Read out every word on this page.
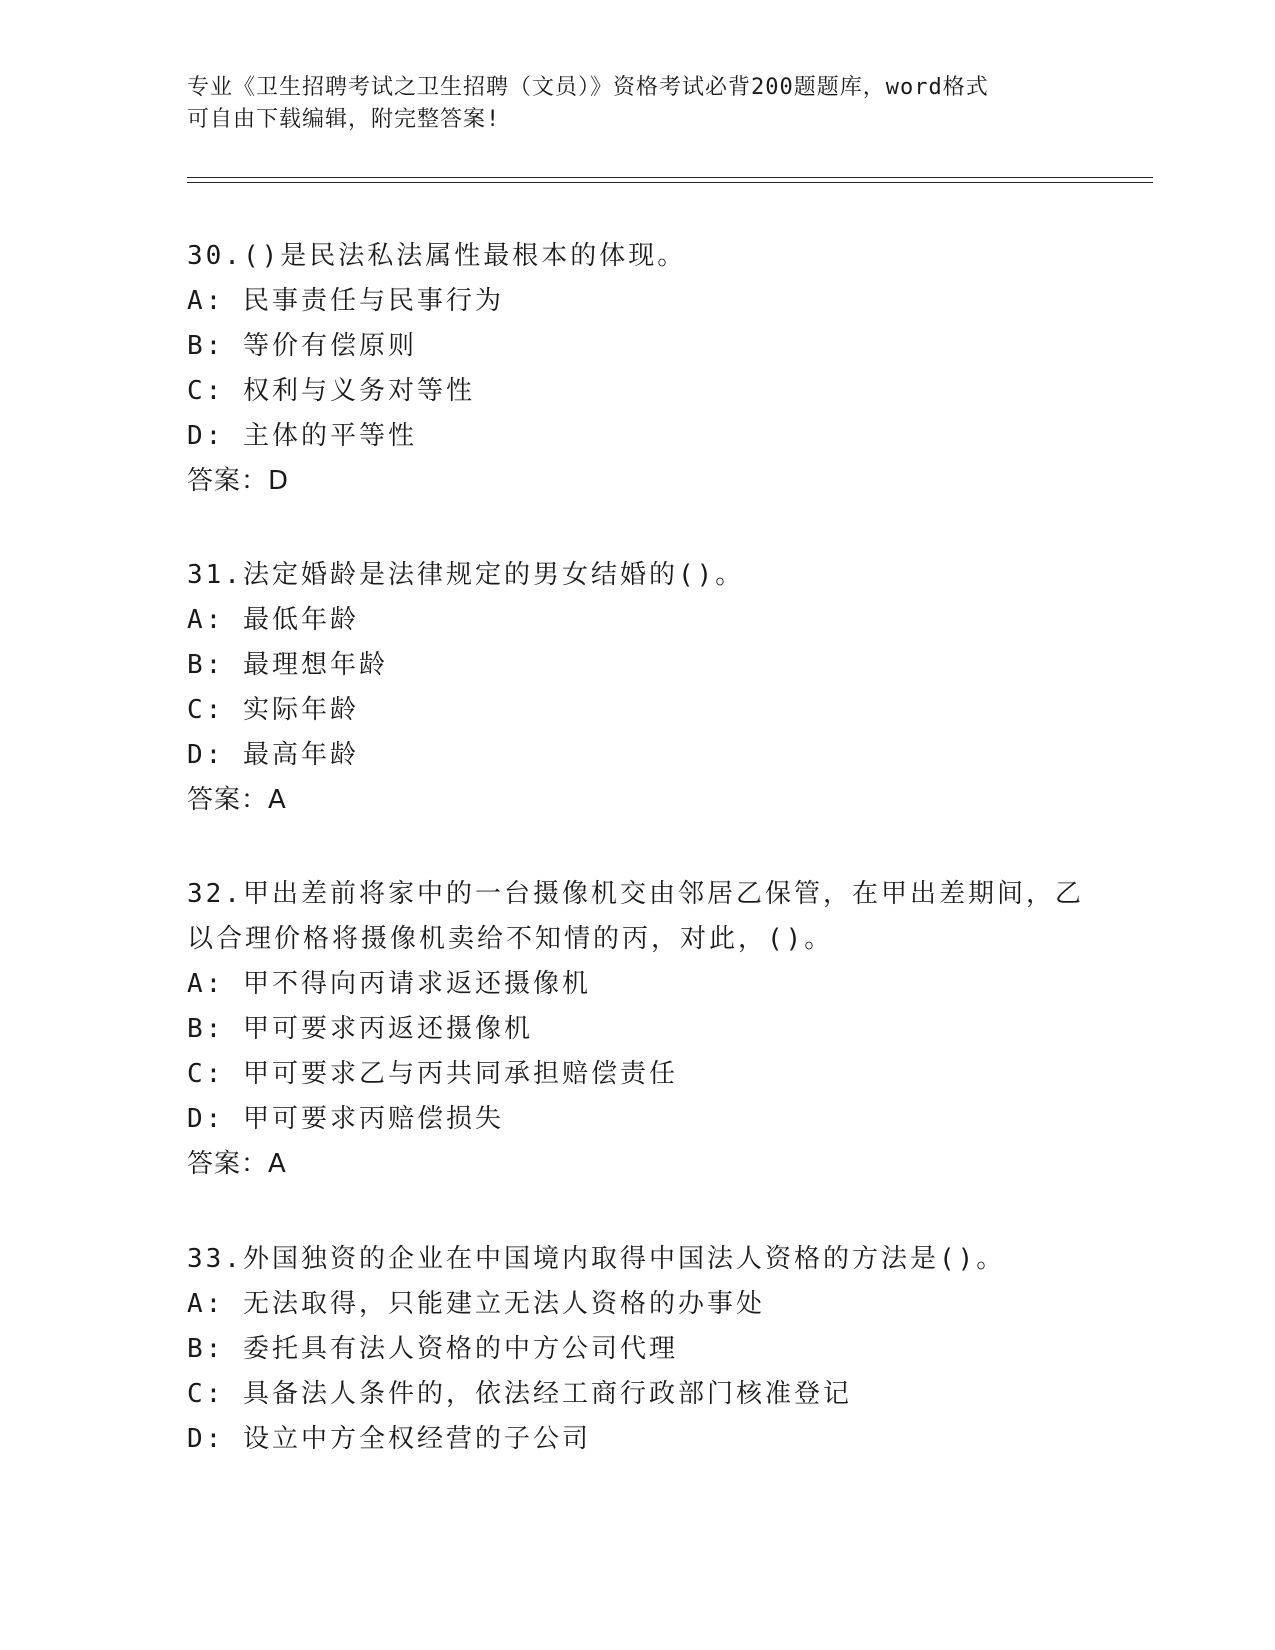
专业《卫生招聘考试之卫生招聘（文员）》资格考试必背200题题库，word格式
可自由下载编辑，附完整答案!
30.()是民法私法属性最根本的体现。
A: 民事责任与民事行为
B: 等价有偿原则
C: 权利与义务对等性
D: 主体的平等性
答案：D
31.法定婚龄是法律规定的男女结婚的()。
A: 最低年龄
B: 最理想年龄
C: 实际年龄
D: 最高年龄
答案：A
32.甲出差前将家中的一台摄像机交由邻居乙保管，在甲出差期间，乙
以合理价格将摄像机卖给不知情的丙，对此，()。
A: 甲不得向丙请求返还摄像机
B: 甲可要求丙返还摄像机
C: 甲可要求乙与丙共同承担赔偿责任
D: 甲可要求丙赔偿损失
答案：A
33.外国独资的企业在中国境内取得中国法人资格的方法是()。
A: 无法取得，只能建立无法人资格的办事处
B: 委托具有法人资格的中方公司代理
C: 具备法人条件的，依法经工商行政部门核准登记
D: 设立中方全权经营的子公司
